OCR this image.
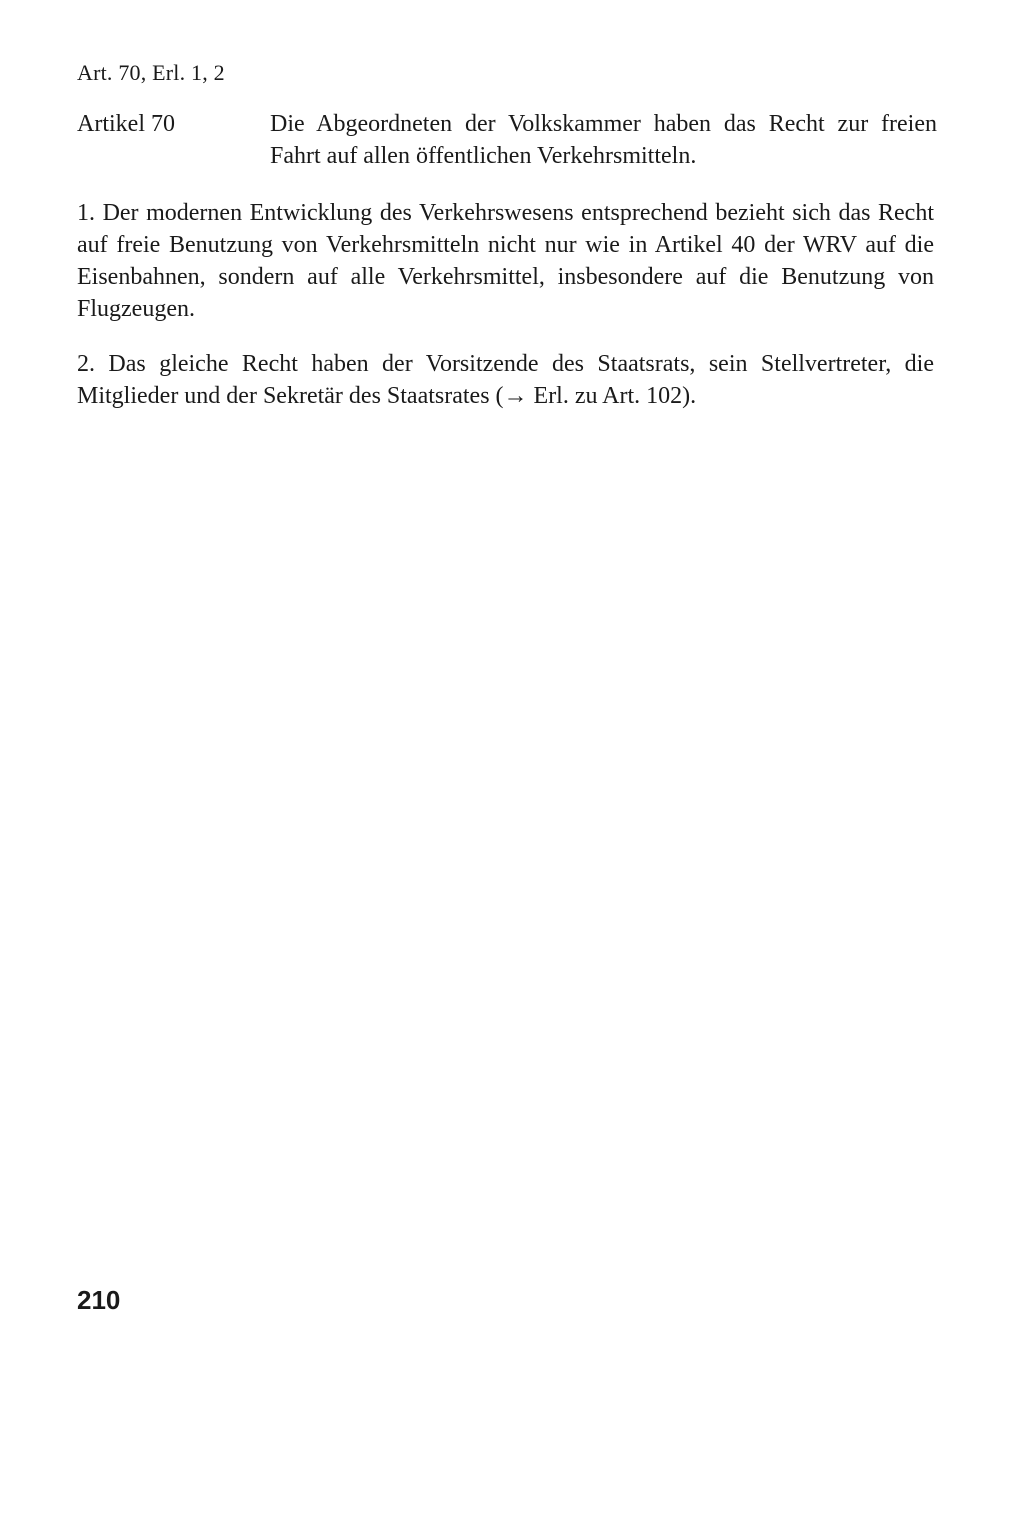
Art. 70, Erl. 1, 2
Artikel 70	Die Abgeordneten der Volkskammer haben das Recht zur freien Fahrt auf allen öffentlichen Verkehrsmitteln.

1. Der modernen Entwicklung des Verkehrswesens entsprechend bezieht sich das Recht auf freie Benutzung von Verkehrsmitteln nicht nur wie in Artikel 40 der WRV auf die Eisenbahnen, sondern auf alle Verkehrsmittel, insbesondere auf die Benutzung von Flugzeugen.

2. Das gleiche Recht haben der Vorsitzende des Staatsrats, sein Stellvertreter, die Mitglieder und der Sekretär des Staatsrates (→ Erl. zu Art. 102).

210
